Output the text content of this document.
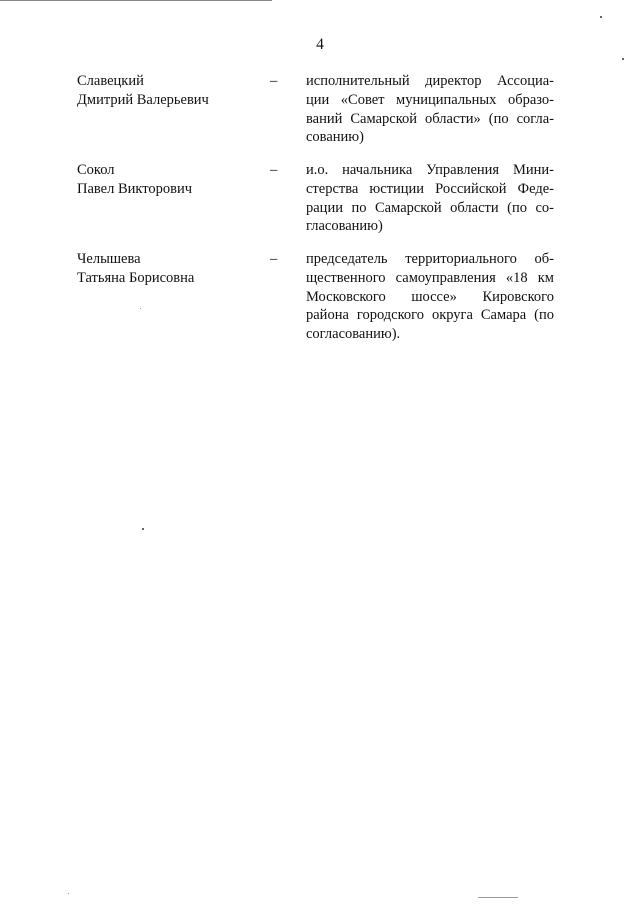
4
Славецкий
Дмитрий Валерьевич
– исполнительный директор Ассоциа-
ции «Совет муниципальных образо-
ваний Самарской области» (по согла-
сованию)
Сокол
Павел Викторович
– и.о. начальника Управления Мини-
стерства юстиции Российской Феде-
рации по Самарской области (по со-
гласованию)
Челышева
Татьяна Борисовна
– председатель территориального об-
щественного самоуправления «18 км
Московского шоссе» Кировского
района городского округа Самара (по
согласованию).
